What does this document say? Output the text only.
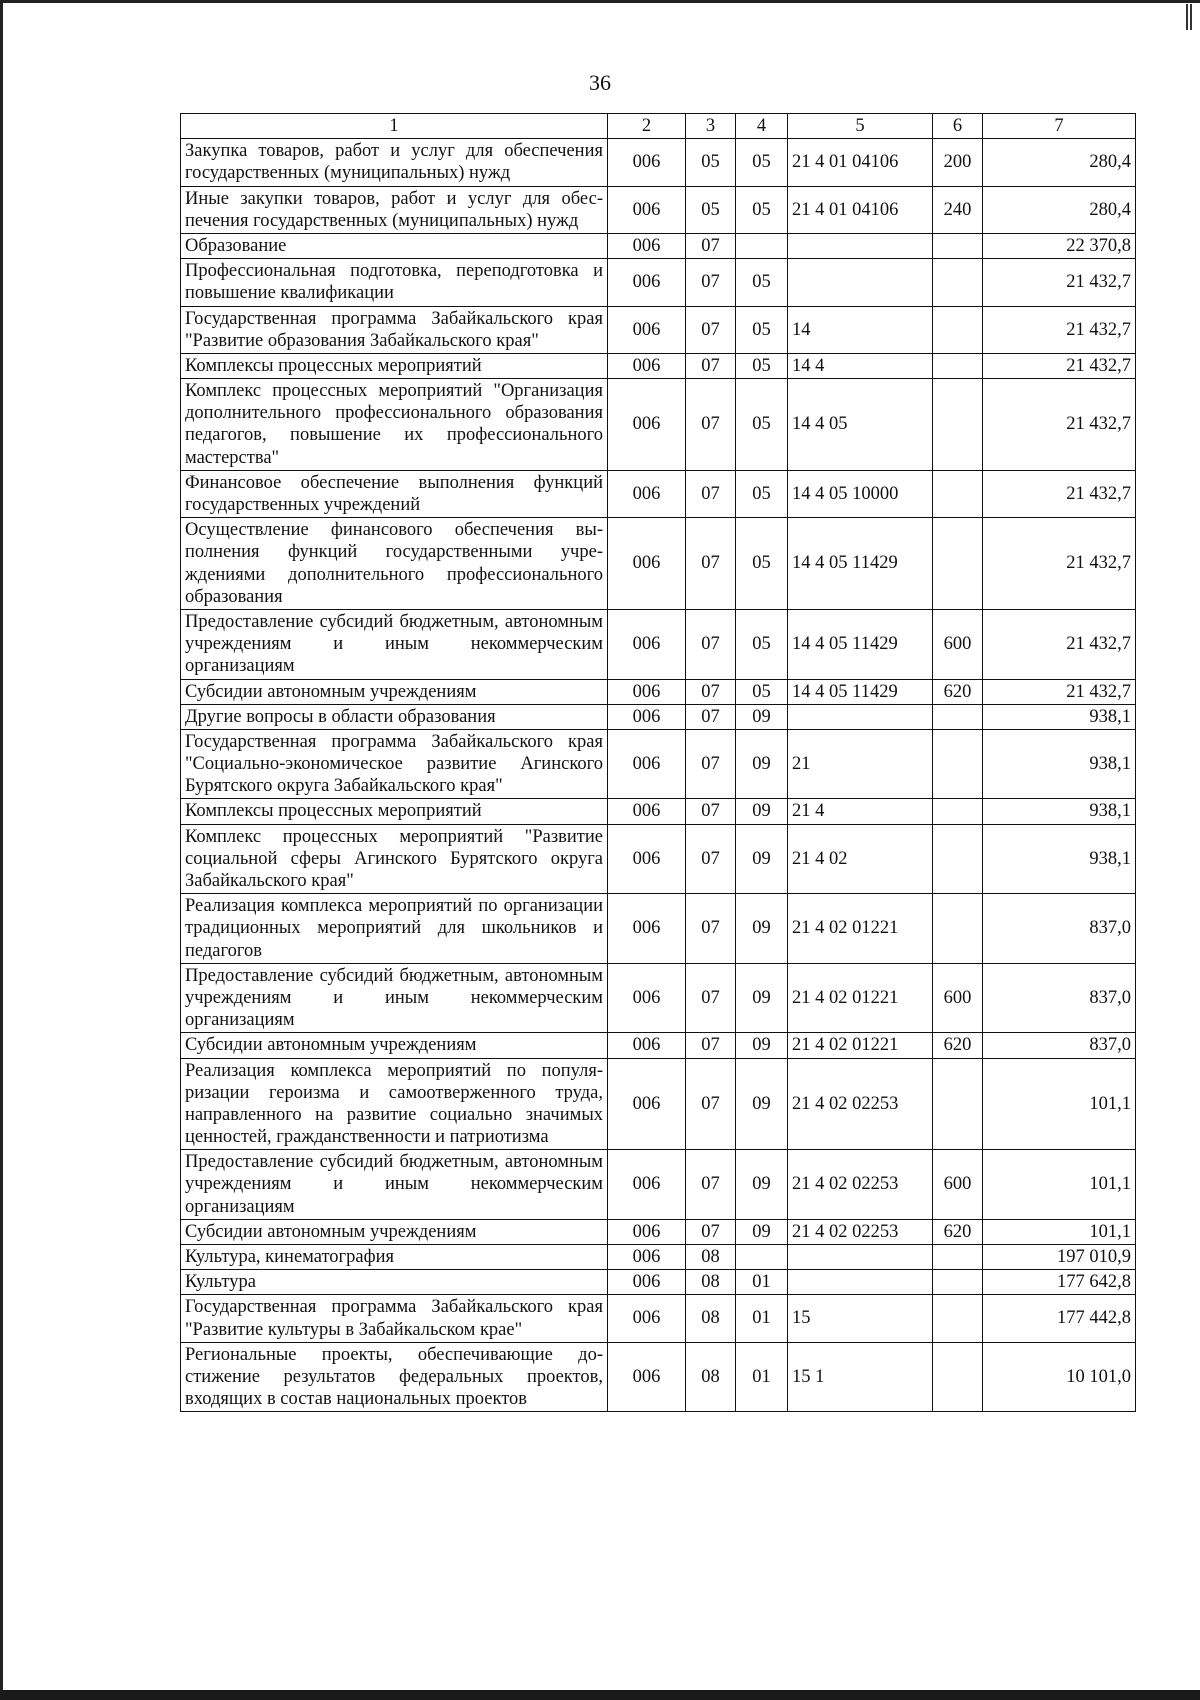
36
1	2	3	4	5	6	7
Закупка товаров, работ и услуг для обеспечения государственных (муниципальных) нужд	006	05	05	21 4 01 04106	200	280,4
Иные закупки товаров, работ и услуг для обеспечения государственных (муниципальных) нужд	006	05	05	21 4 01 04106	240	280,4
Образование	006	07				22 370,8
Профессиональная подготовка, переподготовка и повышение квалификации	006	07	05			21 432,7
Государственная программа Забайкальского края "Развитие образования Забайкальского края"	006	07	05	14		21 432,7
Комплексы процессных мероприятий	006	07	05	14 4		21 432,7
Комплекс процессных мероприятий "Организация дополнительного профессионального образования педагогов, повышение их профессионального мастерства"	006	07	05	14 4 05		21 432,7
Финансовое обеспечение выполнения функций государственных учреждений	006	07	05	14 4 05 10000		21 432,7
Осуществление финансового обеспечения выполнения функций государственными учреждениями дополнительного профессионального образования	006	07	05	14 4 05 11429		21 432,7
Предоставление субсидий бюджетным, автономным учреждениям и иным некоммерческим организациям	006	07	05	14 4 05 11429	600	21 432,7
Субсидии автономным учреждениям	006	07	05	14 4 05 11429	620	21 432,7
Другие вопросы в области образования	006	07	09			938,1
Государственная программа Забайкальского края "Социально-экономическое развитие Агинского Бурятского округа Забайкальского края"	006	07	09	21		938,1
Комплексы процессных мероприятий	006	07	09	21 4		938,1
Комплекс процессных мероприятий "Развитие социальной сферы Агинского Бурятского округа Забайкальского края"	006	07	09	21 4 02		938,1
Реализация комплекса мероприятий по организации традиционных мероприятий для школьников и педагогов	006	07	09	21 4 02 01221		837,0
Предоставление субсидий бюджетным, автономным учреждениям и иным некоммерческим организациям	006	07	09	21 4 02 01221	600	837,0
Субсидии автономным учреждениям	006	07	09	21 4 02 01221	620	837,0
Реализация комплекса мероприятий по популяризации героизма и самоотверженного труда, направленного на развитие социально значимых ценностей, гражданственности и патриотизма	006	07	09	21 4 02 02253		101,1
Предоставление субсидий бюджетным, автономным учреждениям и иным некоммерческим организациям	006	07	09	21 4 02 02253	600	101,1
Субсидии автономным учреждениям	006	07	09	21 4 02 02253	620	101,1
Культура, кинематография	006	08				197 010,9
Культура	006	08	01			177 642,8
Государственная программа Забайкальского края "Развитие культуры в Забайкальском крае"	006	08	01	15		177 442,8
Региональные проекты, обеспечивающие достижение результатов федеральных проектов, входящих в состав национальных проектов	006	08	01	15 1		10 101,0
